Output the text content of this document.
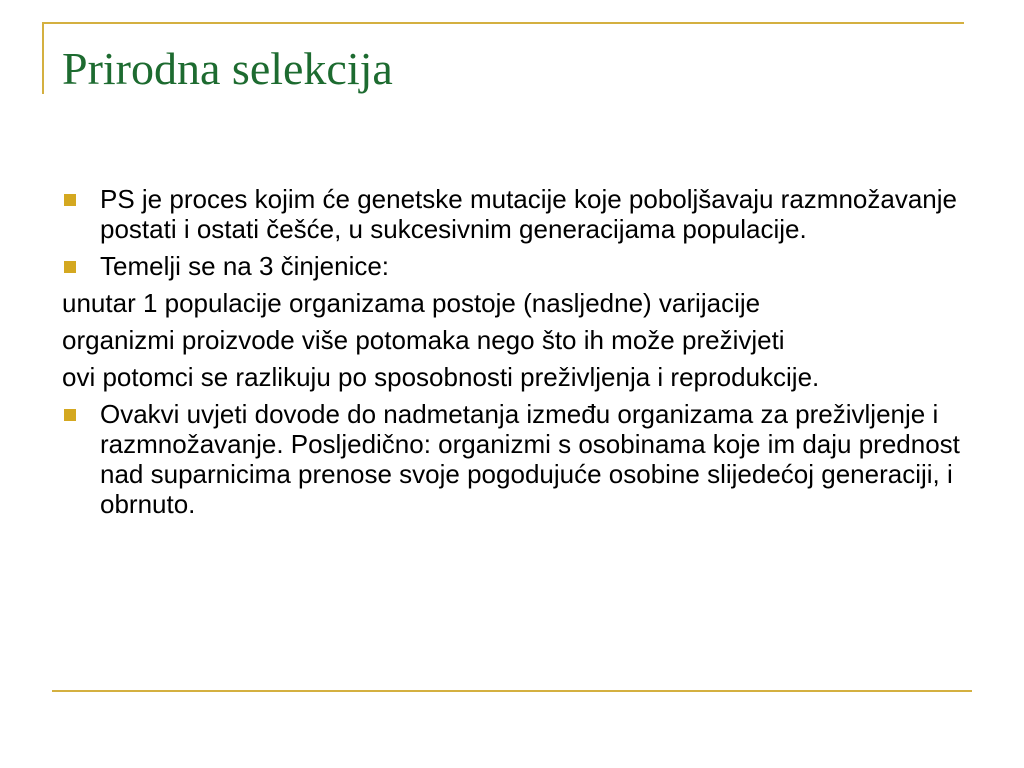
Prirodna selekcija
PS je proces kojim će genetske mutacije koje poboljšavaju razmnožavanje postati i ostati češće, u sukcesivnim generacijama populacije.
Temelji se na 3 činjenice:
unutar 1 populacije organizama postoje (nasljedne) varijacije
organizmi proizvode više potomaka nego što ih može preživjeti
ovi potomci se razlikuju po sposobnosti preživljenja i reprodukcije.
Ovakvi uvjeti dovode do nadmetanja između organizama za preživljenje i razmnožavanje. Posljedično: organizmi s osobinama koje im daju prednost nad suparnicima prenose svoje pogodujuće osobine slijedećoj generaciji, i obrnuto.
